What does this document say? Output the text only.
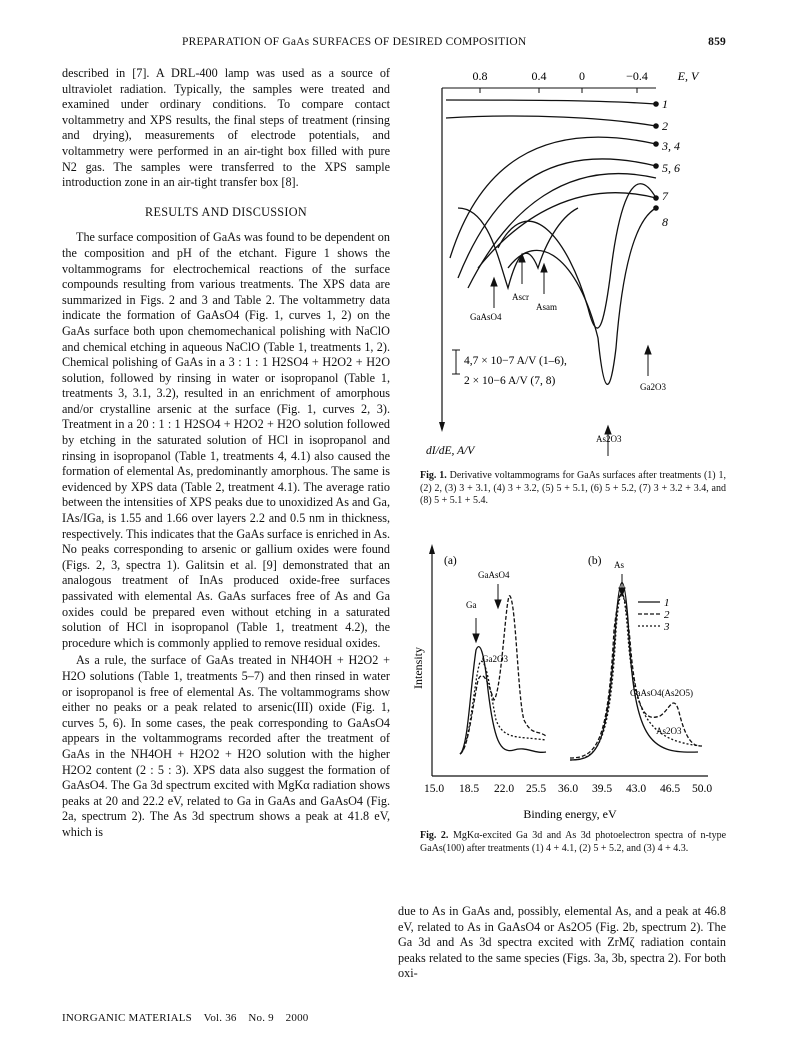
PREPARATION OF GaAs SURFACES OF DESIRED COMPOSITION	859

described in [7]. A DRL-400 lamp was used as a source of ultraviolet radiation. Typically, the samples were treated and examined under ordinary conditions. To compare contact voltammetry and XPS results, the final steps of treatment (rinsing and drying), measurements of electrode potentials, and voltammetry were performed in an air-tight box filled with pure N2 gas. The samples were transferred to the XPS sample introduction zone in an air-tight transfer box [8].

RESULTS AND DISCUSSION

The surface composition of GaAs was found to be dependent on the composition and pH of the etchant. Figure 1 shows the voltammograms for electrochemical reactions of the surface compounds resulting from various treatments. The XPS data are summarized in Figs. 2 and 3 and Table 2. The voltammetry data indicate the formation of GaAsO4 (Fig. 1, curves 1, 2) on the GaAs surface both upon chemomechanical polishing with NaClO and chemical etching in aqueous NaClO (Table 1, treatments 1, 2). Chemical polishing of GaAs in a 3 : 1 : 1 H2SO4 + H2O2 + H2O solution, followed by rinsing in water or isopropanol (Table 1, treatments 3, 3.1, 3.2), resulted in an enrichment of amorphous and/or crystalline arsenic at the surface (Fig. 1, curves 2, 3). Treatment in a 20 : 1 : 1 H2SO4 + H2O2 + H2O solution followed by etching in the saturated solution of HCl in isopropanol and rinsing in isopropanol (Table 1, treatments 4, 4.1) also caused the formation of elemental As, predominantly amorphous. The same is evidenced by XPS data (Table 2, treatment 4.1). The average ratio between the intensities of XPS peaks due to unoxidized As and Ga, IAs/IGa, is 1.55 and 1.66 over layers 2.2 and 0.5 nm in thickness, respectively. This indicates that the GaAs surface is enriched in As. No peaks corresponding to arsenic or gallium oxides were found (Figs. 2, 3, spectra 1). Galitsin et al. [9] demonstrated that an analogous treatment of InAs produced oxide-free surfaces passivated with elemental As. GaAs surfaces free of As and Ga oxides could be prepared even without etching in a saturated solution of HCl in isopropanol (Table 1, treatment 4.2), the procedure which is commonly applied to remove residual oxides.

As a rule, the surface of GaAs treated in NH4OH + H2O2 + H2O solutions (Table 1, treatments 5–7) and then rinsed in water or isopropanol is free of elemental As. The voltammograms show either no peaks or a peak related to arsenic(III) oxide (Fig. 1, curves 5, 6). In some cases, the peak corresponding to GaAsO4 appears in the voltammograms recorded after the treatment of GaAs in the NH4OH + H2O2 + H2O solution with the higher H2O2 content (2 : 5 : 3). XPS data also suggest the formation of GaAsO4. The Ga 3d spectrum excited with MgKα radiation shows peaks at 20 and 22.2 eV, related to Ga in GaAs and GaAsO4 (Fig. 2a, spectrum 2). The As 3d spectrum shows a peak at 41.8 eV, which is

due to As in GaAs and, possibly, elemental As, and a peak at 46.8 eV, related to As in GaAsO4 or As2O5 (Fig. 2b, spectrum 2). The Ga 3d and As 3d spectra excited with ZrMζ radiation contain peaks related to the same species (Figs. 3a, 3b, spectra 2). For both oxi-

0.8	0.4	0	−0.4 E, V
dI/dE, A/V
1
2
3, 4
5, 6
7
8
GaAsO4
Ascr
Asam
Ga2O3
As2O3
4,7 × 10−7 A/V (1–6),
2 × 10−6 A/V (7, 8)
Fig. 1. Derivative voltammograms for GaAs surfaces after treatments (1) 1, (2) 2, (3) 3 + 3.1, (4) 3 + 3.2, (5) 5 + 5.1, (6) 5 + 5.2, (7) 3 + 3.2 + 3.4, and (8) 5 + 5.1 + 5.4.
Intensity
Binding energy, eV
15.0 18.5 22.0 25.5 36.0 39.5 43.0 46.5 50.0
(a)	(b)
Ga
GaAsO4
Ga2O3
As
GaAsO4(As2O5)
As2O3
1
2
3
Fig. 2. MgKα-excited Ga 3d and As 3d photoelectron spectra of n-type GaAs(100) after treatments (1) 4 + 4.1, (2) 5 + 5.2, and (3) 4 + 4.3.
INORGANIC MATERIALS Vol. 36 No. 9 2000
